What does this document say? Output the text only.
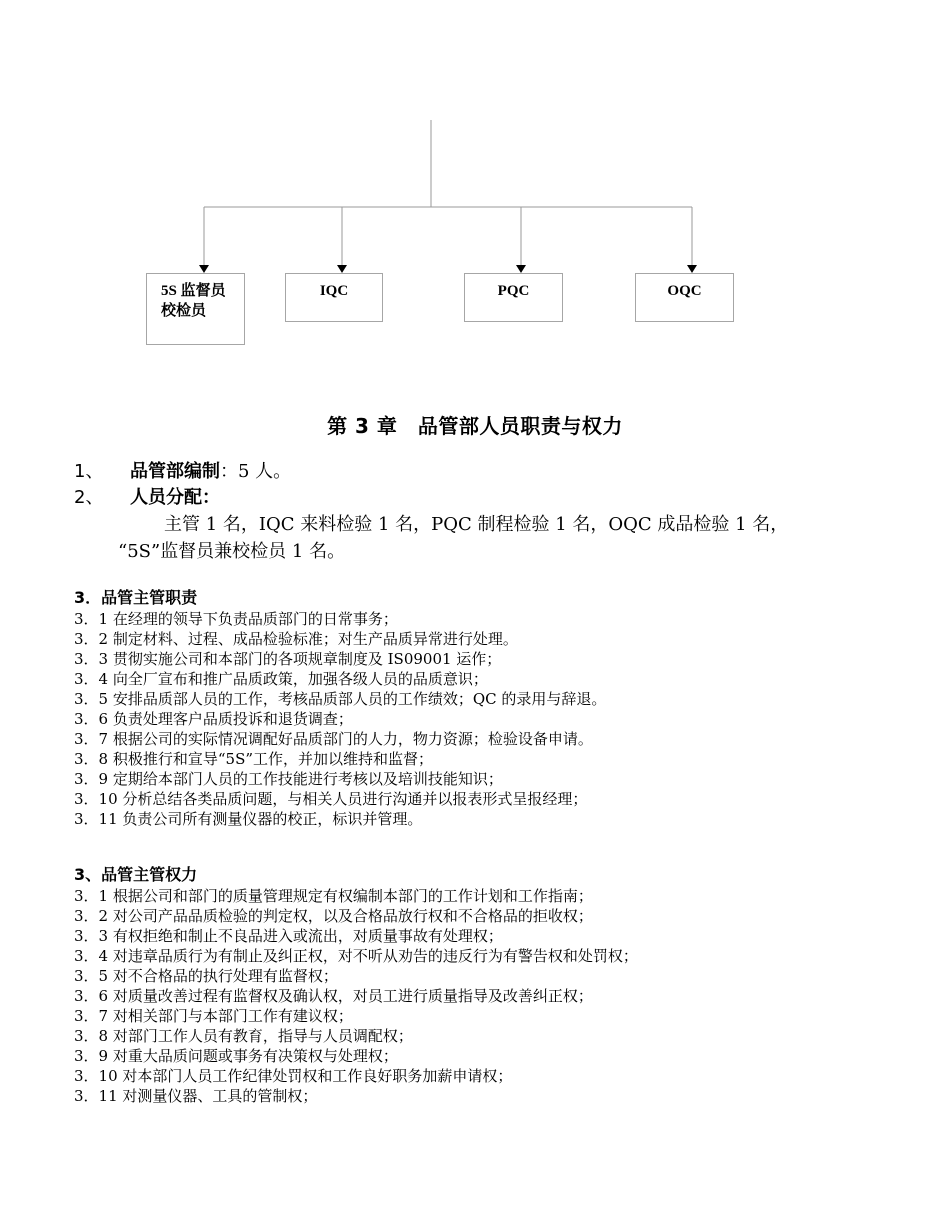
5S 监督员
校检员
IQC	PQC	OQC
第 3 章　品管部人员职责与权力
1、 品管部编制：5 人。
2、 人员分配：
主管 1 名，IQC 来料检验 1 名，PQC 制程检验 1 名，OQC 成品检验 1 名，
“5S”监督员兼校检员 1 名。
3．品管主管职责
3．1 在经理的领导下负责品质部门的日常事务；
3．2 制定材料、过程、成品检验标准；对生产品质异常进行处理。
3．3 贯彻实施公司和本部门的各项规章制度及 IS09001 运作；
3．4 向全厂宣布和推广品质政策，加强各级人员的品质意识；
3．5 安排品质部人员的工作，考核品质部人员的工作绩效；QC 的录用与辞退。
3．6 负责处理客户品质投诉和退货调查；
3．7 根据公司的实际情况调配好品质部门的人力，物力资源；检验设备申请。
3．8 积极推行和宣导“5S”工作，并加以维持和监督；
3．9 定期给本部门人员的工作技能进行考核以及培训技能知识；
3．10 分析总结各类品质问题，与相关人员进行沟通并以报表形式呈报经理；
3．11 负责公司所有测量仪器的校正，标识并管理。
3、品管主管权力
3．1 根据公司和部门的质量管理规定有权编制本部门的工作计划和工作指南；
3．2 对公司产品品质检验的判定权，以及合格品放行权和不合格品的拒收权；
3．3 有权拒绝和制止不良品进入或流出，对质量事故有处理权；
3．4 对违章品质行为有制止及纠正权，对不听从劝告的违反行为有警告权和处罚权；
3．5 对不合格品的执行处理有监督权；
3．6 对质量改善过程有监督权及确认权，对员工进行质量指导及改善纠正权；
3．7 对相关部门与本部门工作有建议权；
3．8 对部门工作人员有教育，指导与人员调配权；
3．9 对重大品质问题或事务有决策权与处理权；
3．10 对本部门人员工作纪律处罚权和工作良好职务加薪申请权；
3．11 对测量仪器、工具的管制权；
